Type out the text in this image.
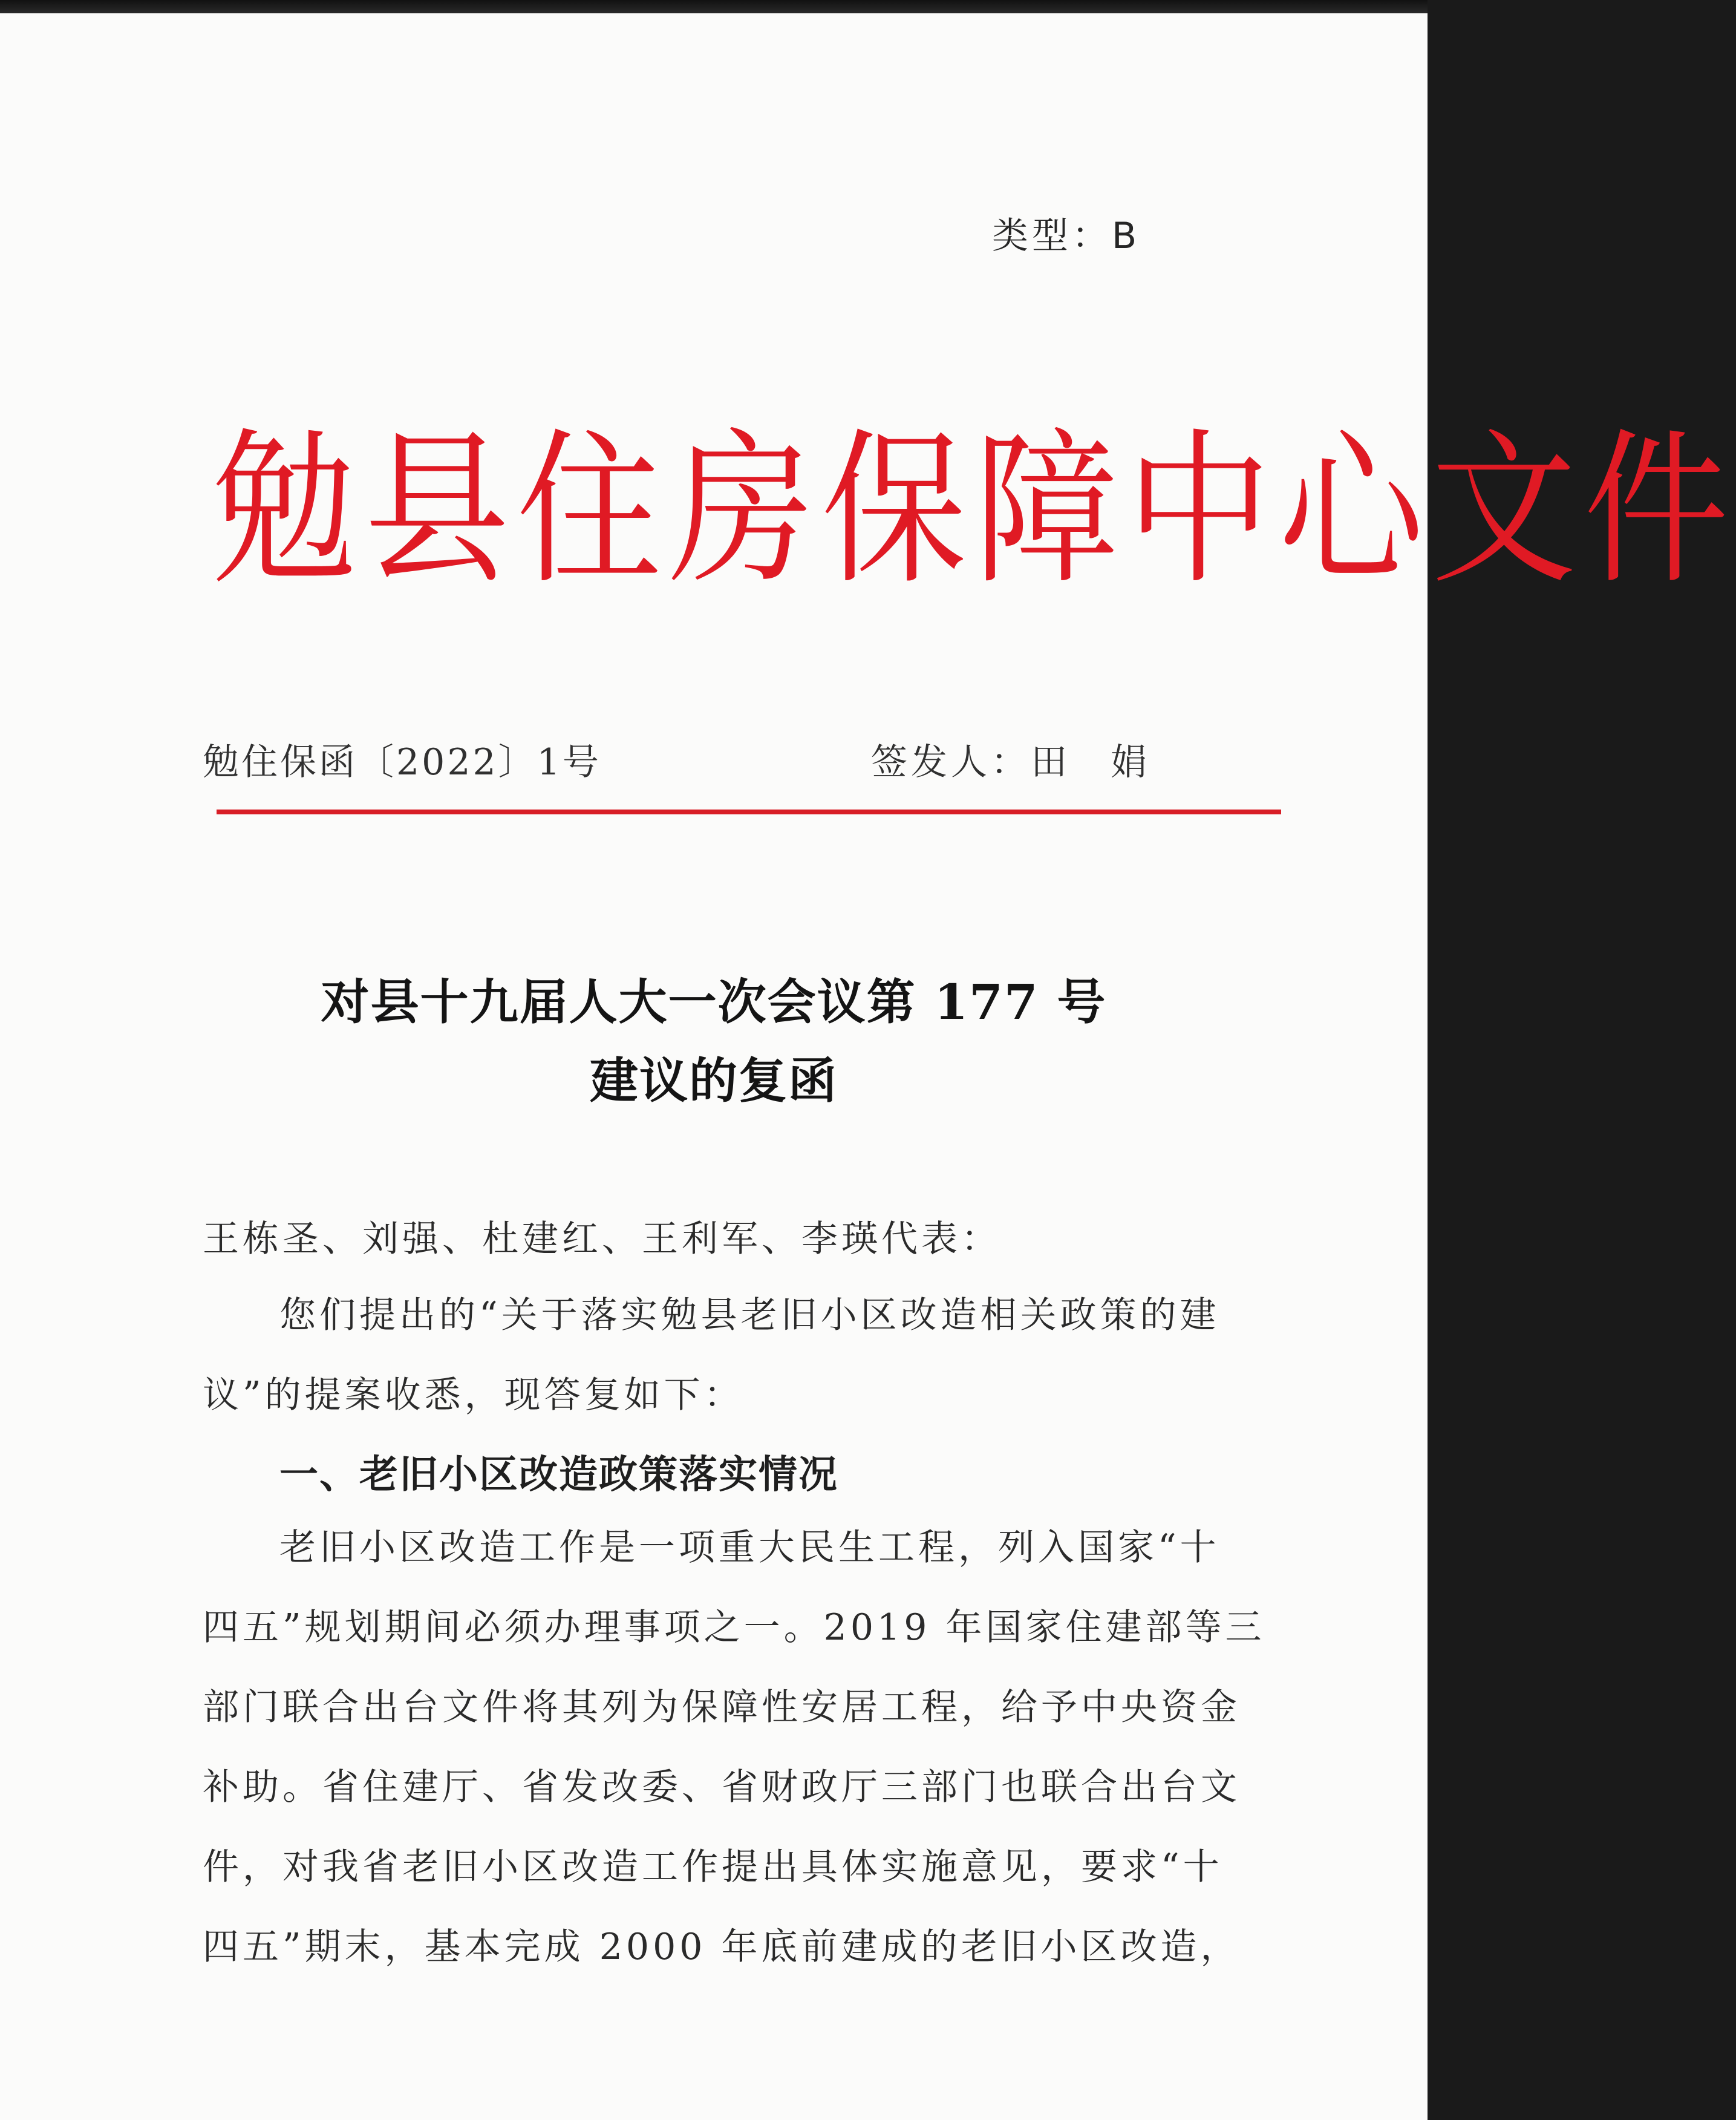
类型：B
勉县住房保障中心文件
勉住保函〔2022〕1号	签发人：田　娟
对县十九届人大一次会议第 177 号
建议的复函
王栋圣、刘强、杜建红、王利军、李瑛代表：
您们提出的“关于落实勉县老旧小区改造相关政策的建
议”的提案收悉，现答复如下：
一、老旧小区改造政策落实情况
老旧小区改造工作是一项重大民生工程，列入国家“十
四五”规划期间必须办理事项之一。2019 年国家住建部等三
部门联合出台文件将其列为保障性安居工程，给予中央资金
补助。省住建厅、省发改委、省财政厅三部门也联合出台文
件，对我省老旧小区改造工作提出具体实施意见，要求“十
四五”期末，基本完成 2000 年底前建成的老旧小区改造，
